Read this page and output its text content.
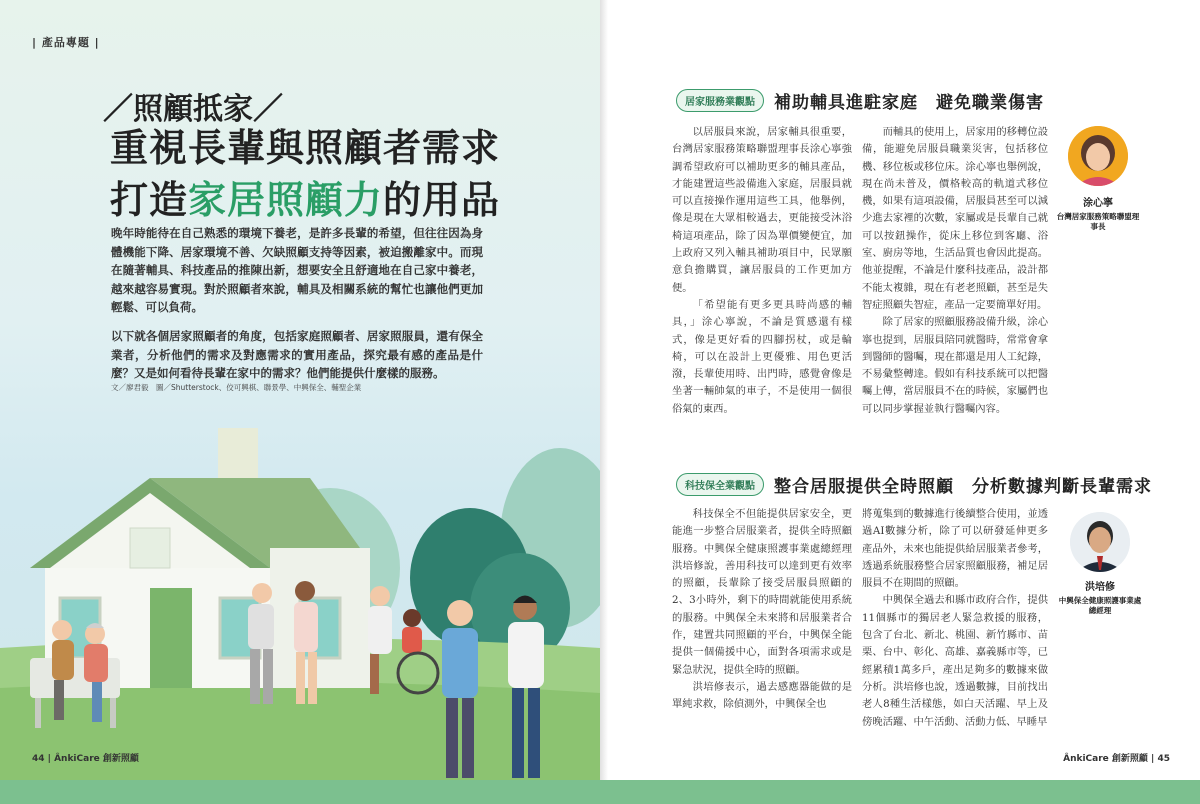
| 產品專題 |
／照顧抵家／
重視長輩與照顧者需求
打造家居照顧力的用品

晚年時能待在自己熟悉的環境下養老，是許多長輩的希望，但往往因為身體機能下降、居家環境不善、欠缺照顧支持等因素，被迫搬離家中。而現在隨著輔具、科技產品的推陳出新，想要安全且舒適地在自己家中養老，越來越容易實現。對於照顧者來說，輔具及相關系統的幫忙也讓他們更加輕鬆、可以負荷。

以下就各個居家照顧者的角度，包括家庭照顧者、居家照服員，還有保全業者，分析他們的需求及對應需求的實用產品，探究最有感的產品是什麼？又是如何看待長輩在家中的需求？他們能提供什麼樣的服務。

文／廖君毅　圖／Shutterstock、佼可興棋、聯景學、中興保全、輔聖企業
44 | ÂnkiCare 創新照顧
居家服務業觀點	補助輔具進駐家庭　避免職業傷害

以居服員來說，居家輔具很重要，台灣居家服務策略聯盟理事長涂心寧強調希望政府可以補助更多的輔具產品，才能建置這些設備進入家庭，居服員就可以直接操作運用這些工具，他舉例，像是現在大眾相較過去，更能接受沐浴椅這項產品，除了因為單價變便宜，加上政府又列入輔具補助項目中，民眾願意負擔購買，讓居服員的工作更加方便。

「希望能有更多更具時尚感的輔具，」涂心寧說，不論是質感還有樣式，像是更好看的四腳拐杖，或是輪椅，可以在設計上更優雅、用色更活潑，長輩使用時、出門時，感覺會像是坐著一輛帥氣的車子，不是使用一個很俗氣的東西。

而輔具的使用上，居家用的移轉位設備，能避免居服員職業災害，包括移位機、移位板或移位床。涂心寧也舉例說，現在尚未普及，價格較高的軌道式移位機，如果有這項設備，居服員甚至可以減少進去家裡的次數，家屬或是長輩自己就可以按鈕操作，從床上移位到客廳、浴室、廚房等地，生活品質也會因此提高。他並提醒，不論是什麼科技產品，設計都不能太複雜，現在有老老照顧，甚至是失智症照顧失智症，產品一定要簡單好用。

除了居家的照顧服務設備升級，涂心寧也提到，居服員陪同就醫時，常常會拿到醫師的醫囑，現在都還是用人工紀錄，不易彙整轉達。假如有科技系統可以把醫囑上傳，當居服員不在的時候，家屬們也可以同步掌握並執行醫囑內容。

涂心寧
台灣居家服務策略聯盟理事長
科技保全業觀點	整合居服提供全時照顧　分析數據判斷長輩需求

科技保全不但能提供居家安全，更能進一步整合居服業者，提供全時照顧服務。中興保全健康照護事業處總經理洪培修說，善用科技可以達到更有效率的照顧，長輩除了接受居服員照顧的2、3小時外，剩下的時間就能使用系統的服務。中興保全未來將和居服業者合作，建置共同照顧的平台，中興保全能提供一個備援中心，面對各項需求或是緊急狀況，提供全時的照顧。

洪培修表示，過去感應器能做的是單純求救，除偵測外，中興保全也

將蒐集到的數據進行後續整合使用，並透過AI數據分析，除了可以研發延伸更多產品外，未來也能提供給居服業者參考，透過系統服務整合居家照顧服務，補足居服員不在期間的照顧。

中興保全過去和縣市政府合作，提供11個縣市的獨居老人緊急救援的服務，包含了台北、新北、桃園、新竹縣市、苗栗、台中、彰化、高雄、嘉義縣市等，已經累積1萬多戶，產出足夠多的數據來做分析。洪培修也說，透過數據，目前找出老人8種生活樣態，如白天活躍、早上及傍晚活躍、中午活動、活動力低、早睡早

洪培修
中興保全健康照護事業處總經理
ÂnkiCare 創新照顧 | 45
